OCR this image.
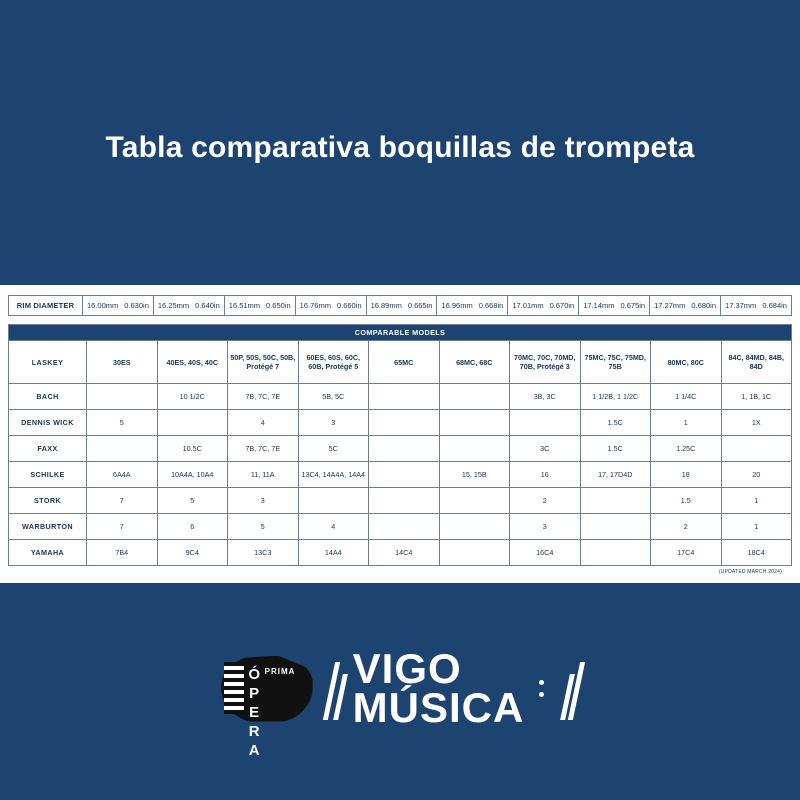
Tabla comparativa boquillas de trompeta
RIM DIAMETER	16.00mm 0.630in	16.25mm 0.640in	16.51mm 0.650in	16.76mm 0.660in	16.89mm 0.665in	16.96mm 0.668in	17.01mm 0.670in	17.14mm 0.675in	17.27mm 0.680in	17.37mm 0.684in
COMPARABLE MODELS										
LASKEY	30ES	40ES, 40S, 40C	50P, 50S, 50C, 50B, Protégé 7	60ES, 60S, 60C, 60B, Protégé 5	65MC	68MC, 68C	70MC, 70C, 70MD, 70B, Protégé 3	75MC, 75C, 75MD, 75B	80MC, 80C	84C, 84MD, 84B, 84D
BACH		10 1/2C	7B, 7C, 7E	5B, 5C			3B, 3C	1 1/2B, 1 1/2C	1 1/4C	1, 1B, 1C
DENNIS WICK	5		4	3				1.5C	1	1X
FAXX		10.5C	7B, 7C, 7E	5C			3C	1.5C	1.25C	
SCHILKE	6A4A	10A4A, 10A4	11, 11A	13C4, 14A4A, 14A4		15, 15B	16	17, 17D4D	18	20
STORK	7	5	3				2		1.5	1
WARBURTON	7	6	5	4			3		2	1
YAMAHA	7B4	9C4	13C3	14A4	14C4		16C4		17C4	18C4
(UPDATED MARCH 2024)
ÓPERA PRIMA VIGO
MÚSICA
